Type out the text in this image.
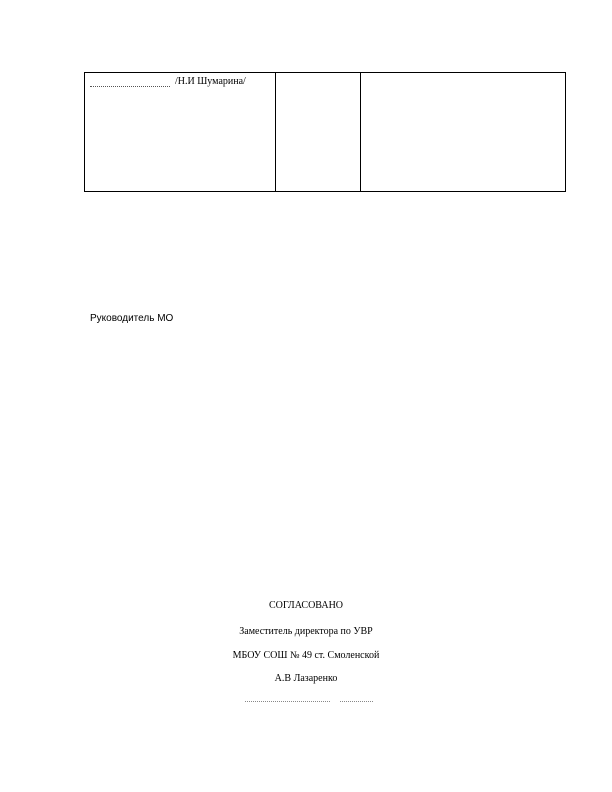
/Н.И Шумарина/

Руководитель МО
СОГЛАСОВАНО
Заместитель директора по УВР
МБОУ СОШ № 49 ст. Смоленской
А.В Лазаренко
